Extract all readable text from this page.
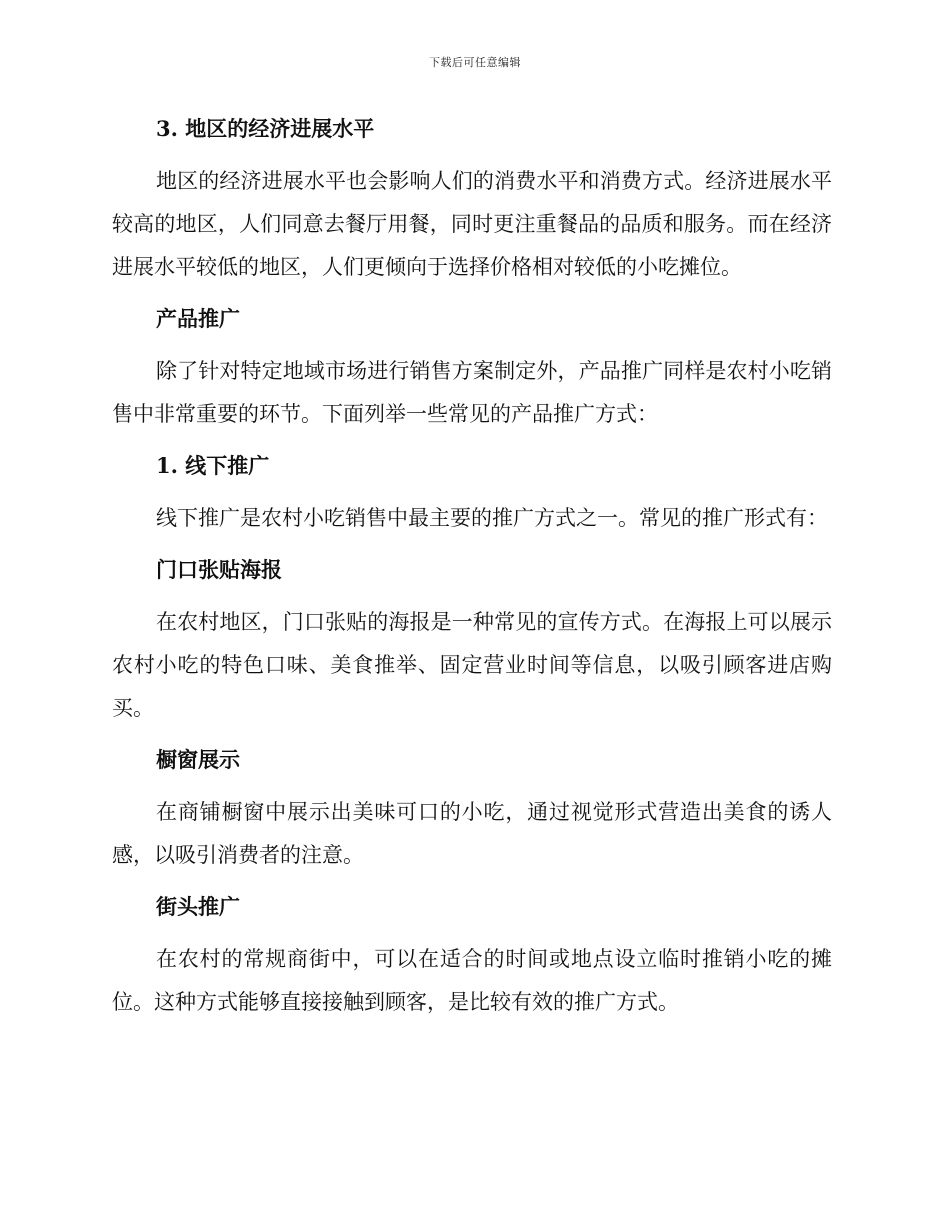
下载后可任意编辑
3. 地区的经济进展水平

地区的经济进展水平也会影响人们的消费水平和消费方式。经济进展水平较高的地区，人们同意去餐厅用餐，同时更注重餐品的品质和服务。而在经济进展水平较低的地区，人们更倾向于选择价格相对较低的小吃摊位。

产品推广

除了针对特定地域市场进行销售方案制定外，产品推广同样是农村小吃销售中非常重要的环节。下面列举一些常见的产品推广方式：

1. 线下推广

线下推广是农村小吃销售中最主要的推广方式之一。常见的推广形式有：

门口张贴海报

在农村地区，门口张贴的海报是一种常见的宣传方式。在海报上可以展示农村小吃的特色口味、美食推举、固定营业时间等信息，以吸引顾客进店购买。

橱窗展示

在商铺橱窗中展示出美味可口的小吃，通过视觉形式营造出美食的诱人感，以吸引消费者的注意。

街头推广

在农村的常规商街中，可以在适合的时间或地点设立临时推销小吃的摊位。这种方式能够直接接触到顾客，是比较有效的推广方式。
